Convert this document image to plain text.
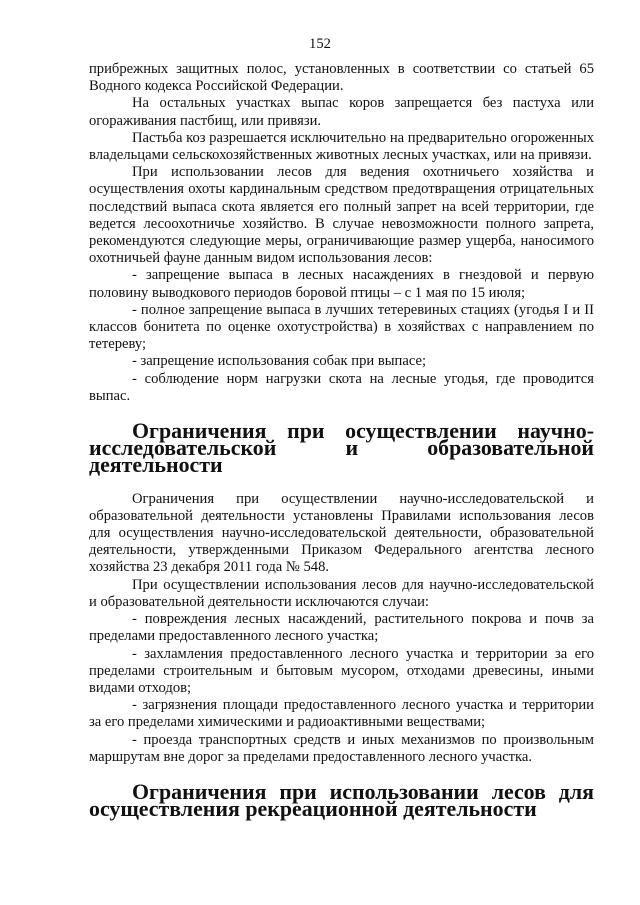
152

прибрежных защитных полос, установленных в соответствии со статьей 65 Водного кодекса Российской Федерации.

На остальных участках выпас коров запрещается без пастуха или огораживания пастбищ, или привязи.

Пастьба коз разрешается исключительно на предварительно огороженных владельцами сельскохозяйственных животных лесных участках, или на привязи.

При использовании лесов для ведения охотничьего хозяйства и осуществления охоты кардинальным средством предотвращения отрицательных последствий выпаса скота является его полный запрет на всей территории, где ведется лесоохотничье хозяйство. В случае невозможности полного запрета, рекомендуются следующие меры, ограничивающие размер ущерба, наносимого охотничьей фауне данным видом использования лесов:

- запрещение выпаса в лесных насаждениях в гнездовой и первую половину выводкового периодов боровой птицы – с 1 мая по 15 июля;

- полное запрещение выпаса в лучших тетеревиных стациях (угодья I и II классов бонитета по оценке охотустройства) в хозяйствах с направлением по тетереву;

- запрещение использования собак при выпасе;

- соблюдение норм нагрузки скота на лесные угодья, где проводится выпас.

Ограничения при осуществлении научно-исследовательской и образовательной деятельности

Ограничения при осуществлении научно-исследовательской и образовательной деятельности установлены Правилами использования лесов для осуществления научно-исследовательской деятельности, образовательной деятельности, утвержденными Приказом Федерального агентства лесного хозяйства 23 декабря 2011 года № 548.

При осуществлении использования лесов для научно-исследовательской и образовательной деятельности исключаются случаи:

- повреждения лесных насаждений, растительного покрова и почв за пределами предоставленного лесного участка;

- захламления предоставленного лесного участка и территории за его пределами строительным и бытовым мусором, отходами древесины, иными видами отходов;

- загрязнения площади предоставленного лесного участка и территории за его пределами химическими и радиоактивными веществами;

- проезда транспортных средств и иных механизмов по произвольным маршрутам вне дорог за пределами предоставленного лесного участка.

Ограничения при использовании лесов для осуществления рекреационной деятельности
